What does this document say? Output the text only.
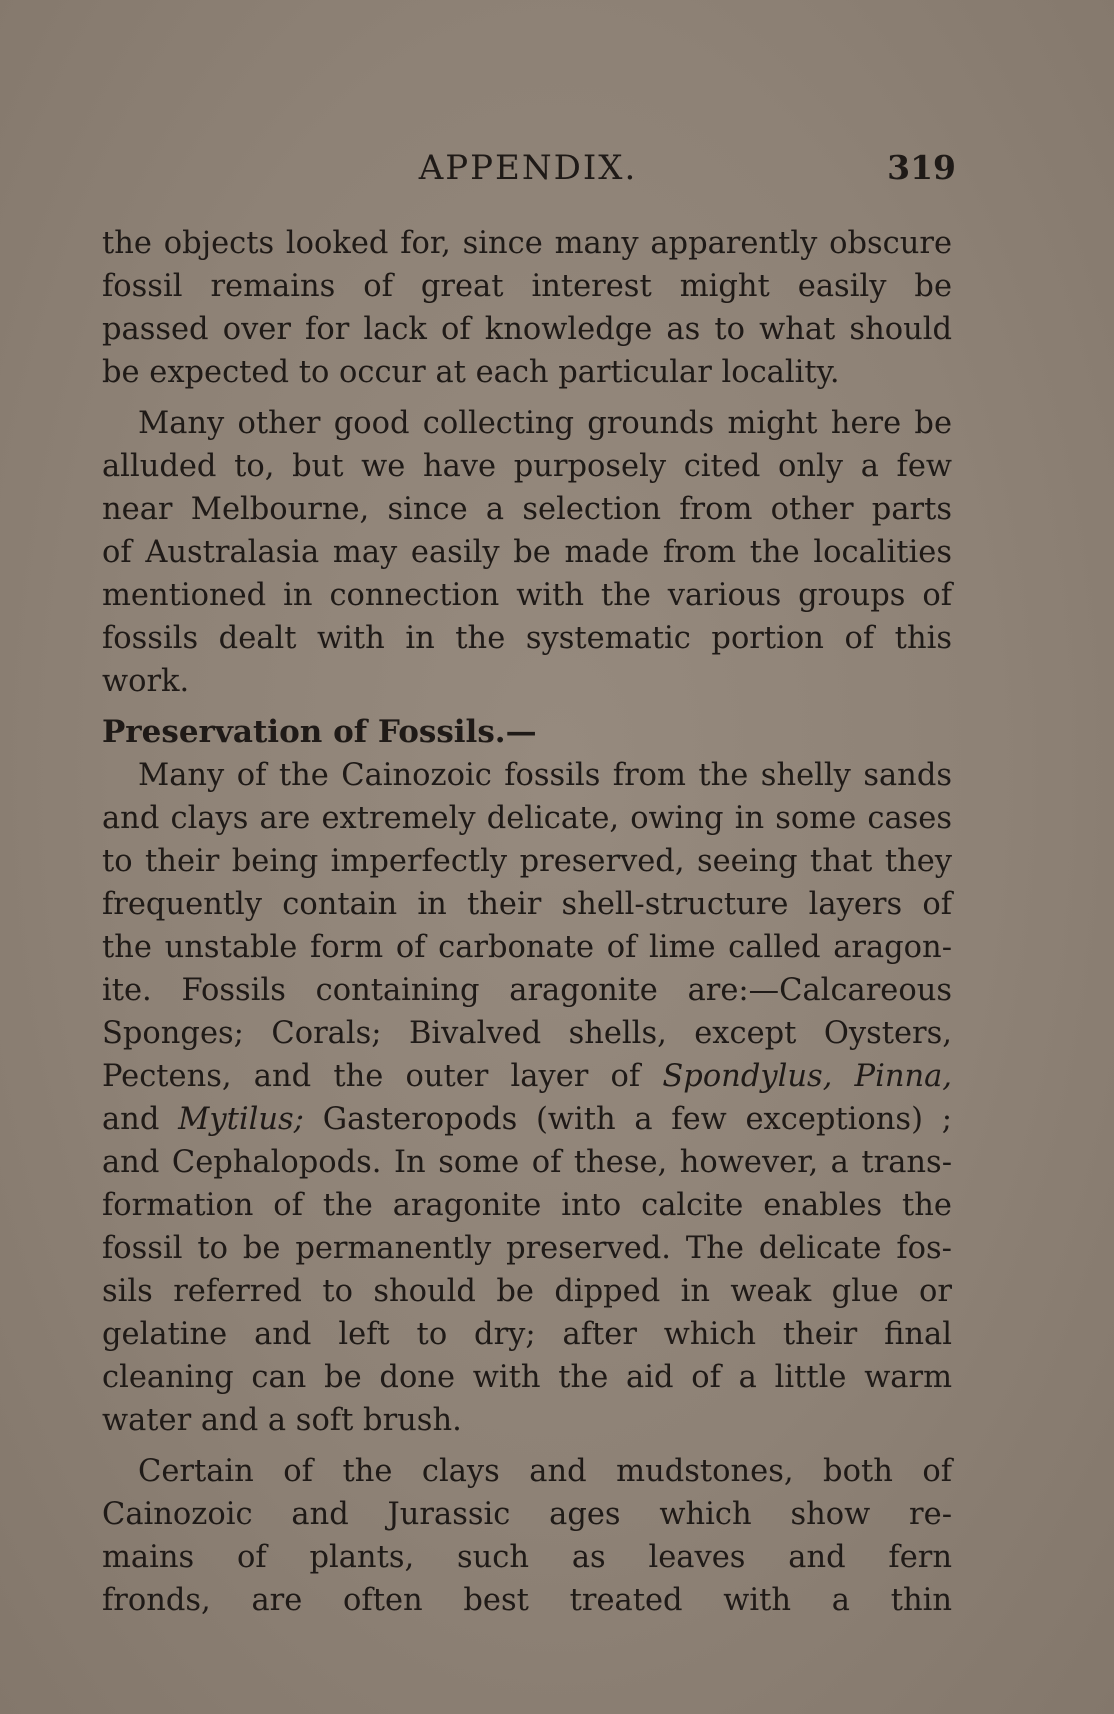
APPENDIX.	319
the objects looked for, since many apparently obscure
fossil remains of great interest might easily be
passed over for lack of knowledge as to what should
be expected to occur at each particular locality.
Many other good collecting grounds might here be
alluded to, but we have purposely cited only a few
near Melbourne, since a selection from other parts
of Australasia may easily be made from the localities
mentioned in connection with the various groups of
fossils dealt with in the systematic portion of this
work.
Preservation of Fossils.—
Many of the Cainozoic fossils from the shelly sands
and clays are extremely delicate, owing in some cases
to their being imperfectly preserved, seeing that they
frequently contain in their shell-structure layers of
the unstable form of carbonate of lime called aragon-
ite. Fossils containing aragonite are:—Calcareous
Sponges; Corals; Bivalved shells, except Oysters,
Pectens, and the outer layer of Spondylus, Pinna,
and Mytilus; Gasteropods (with a few exceptions) ;
and Cephalopods. In some of these, however, a trans-
formation of the aragonite into calcite enables the
fossil to be permanently preserved. The delicate fos-
sils referred to should be dipped in weak glue or
gelatine and left to dry; after which their final
cleaning can be done with the aid of a little warm
water and a soft brush.
Certain of the clays and mudstones, both of
Cainozoic and Jurassic ages which show re-
mains of plants, such as leaves and fern
fronds, are often best treated with a thin
